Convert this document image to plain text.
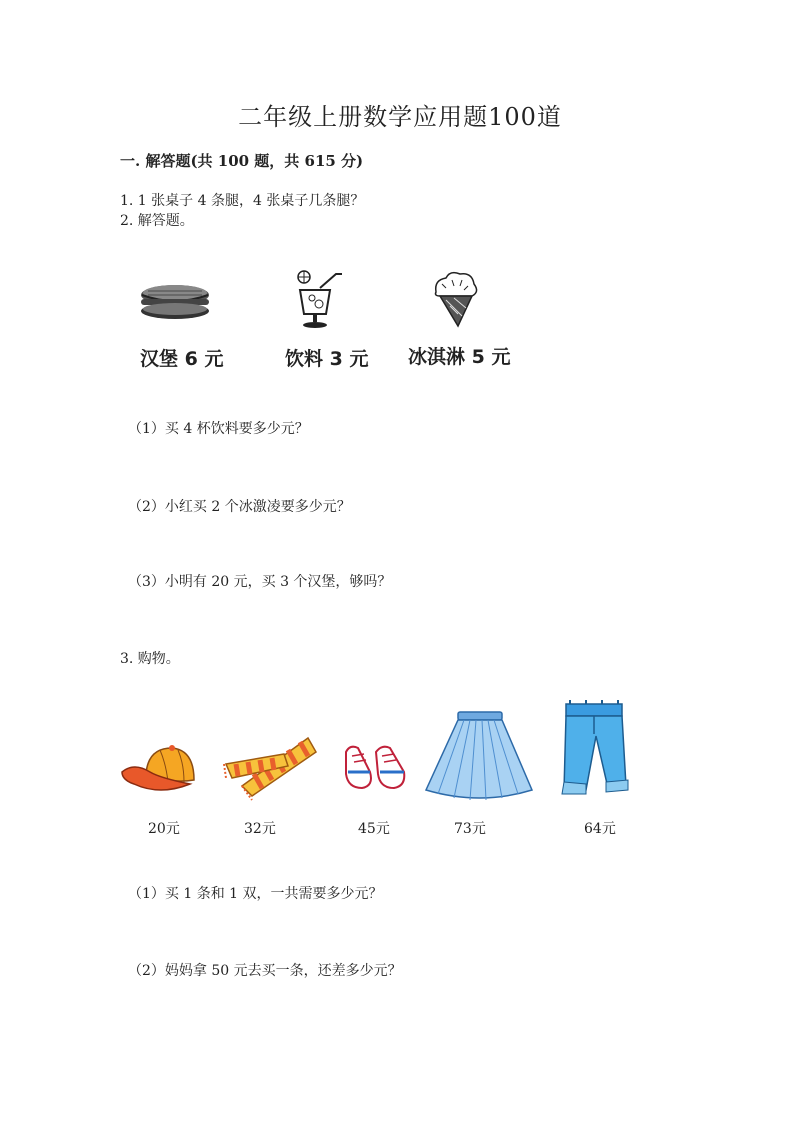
二年级上册数学应用题100道
一. 解答题(共 100 题，共 615 分)
1. 1 张桌子 4 条腿，4 张桌子几条腿？
2. 解答题。
汉堡 6 元	饮料 3 元 冰淇淋 5 元
（1）买 4 杯饮料要多少元？
（2）小红买 2 个冰激凌要多少元？
（3）小明有 20 元，买 3 个汉堡，够吗？
3. 购物。
20元	32元	45元	73元	64元
（1）买 1 条和 1 双，一共需要多少元？
（2）妈妈拿 50 元去买一条，还差多少元？
